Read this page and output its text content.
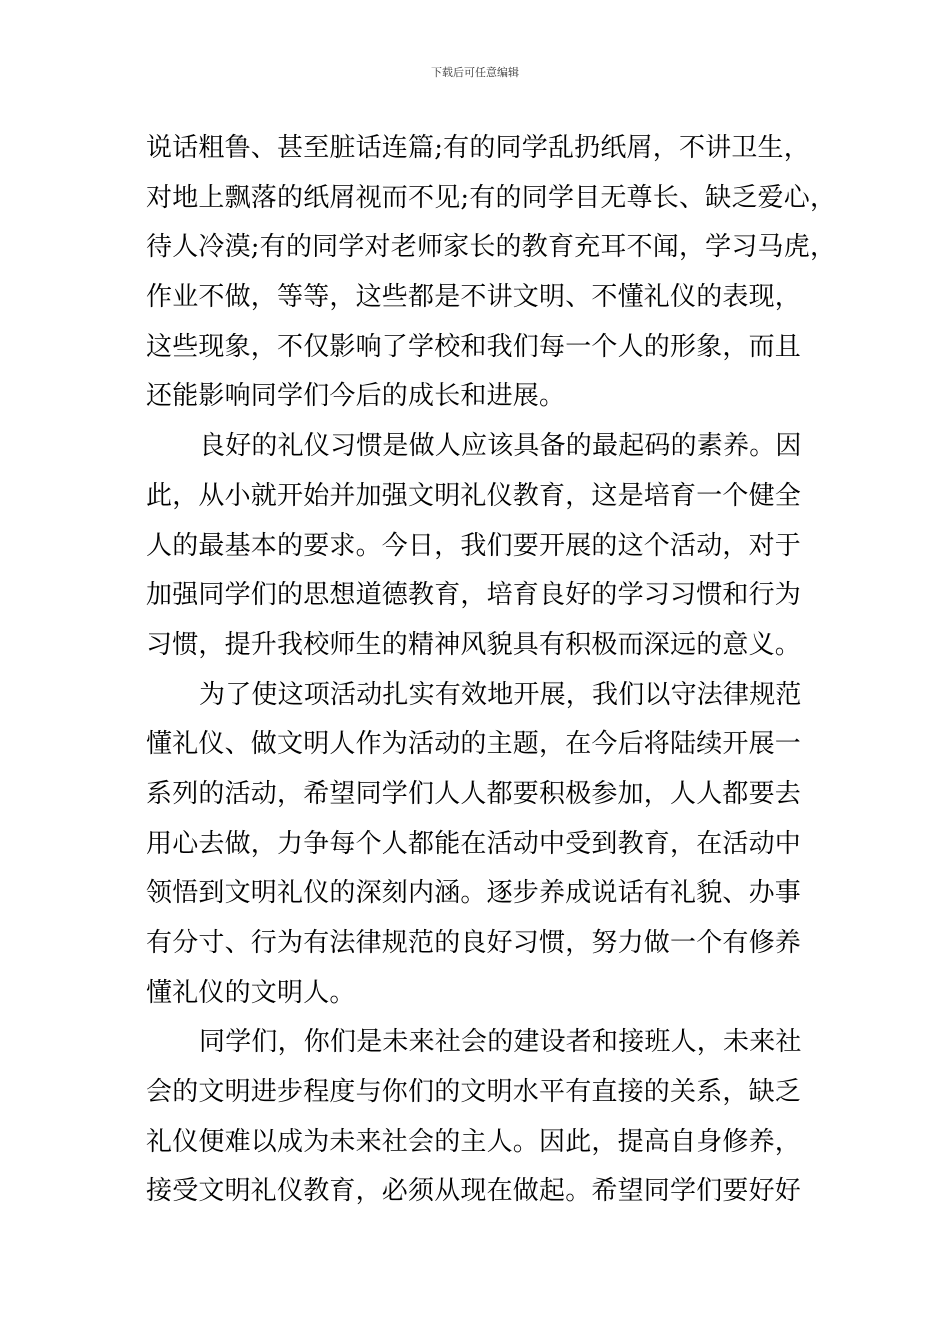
下载后可任意编辑
说话粗鲁、甚至脏话连篇;有的同学乱扔纸屑，不讲卫生，
对地上飘落的纸屑视而不见;有的同学目无尊长、缺乏爱心，
待人冷漠;有的同学对老师家长的教育充耳不闻，学习马虎，
作业不做，等等，这些都是不讲文明、不懂礼仪的表现，
这些现象，不仅影响了学校和我们每一个人的形象，而且
还能影响同学们今后的成长和进展。
良好的礼仪习惯是做人应该具备的最起码的素养。因
此，从小就开始并加强文明礼仪教育，这是培育一个健全
人的最基本的要求。今日，我们要开展的这个活动，对于
加强同学们的思想道德教育，培育良好的学习习惯和行为
习惯，提升我校师生的精神风貌具有积极而深远的意义。
为了使这项活动扎实有效地开展，我们以守法律规范
懂礼仪、做文明人作为活动的主题，在今后将陆续开展一
系列的活动，希望同学们人人都要积极参加，人人都要去
用心去做，力争每个人都能在活动中受到教育，在活动中
领悟到文明礼仪的深刻内涵。逐步养成说话有礼貌、办事
有分寸、行为有法律规范的良好习惯，努力做一个有修养
懂礼仪的文明人。
同学们，你们是未来社会的建设者和接班人，未来社
会的文明进步程度与你们的文明水平有直接的关系，缺乏
礼仪便难以成为未来社会的主人。因此，提高自身修养，
接受文明礼仪教育，必须从现在做起。希望同学们要好好
